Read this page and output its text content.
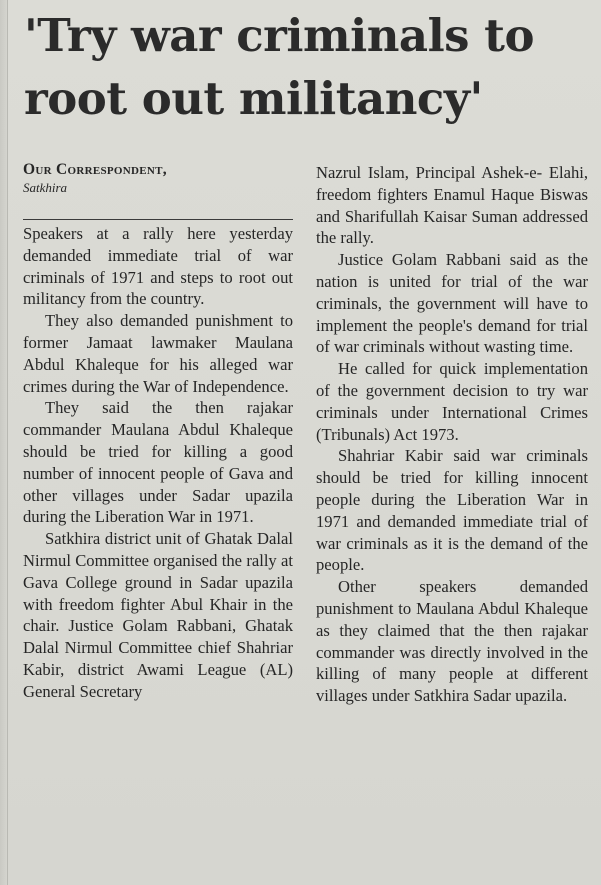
'Try war criminals to
root out militancy'

Our Correspondent,

Satkhira

Speakers at a rally here yesterday demanded immediate trial of war criminals of 1971 and steps to root out militancy from the country.

They also demanded punishment to former Jamaat lawmaker Maulana Abdul Khaleque for his alleged war crimes during the War of Independence.

They said the then rajakar commander Maulana Abdul Khaleque should be tried for killing a good number of innocent people of Gava and other villages under Sadar upazila during the Liberation War in 1971.

Satkhira district unit of Ghatak Dalal Nirmul Committee organised the rally at Gava College ground in Sadar upazila with freedom fighter Abul Khair in the chair. Justice Golam Rabbani, Ghatak Dalal Nirmul Committee chief Shahriar Kabir, district Awami League (AL) General Secretary

Nazrul Islam, Principal Ashek-e- Elahi, freedom fighters Enamul Haque Biswas and Sharifullah Kaisar Suman addressed the rally.

Justice Golam Rabbani said as the nation is united for trial of the war criminals, the government will have to implement the people's demand for trial of war criminals without wasting time.

He called for quick implementation of the government decision to try war criminals under International Crimes (Tribunals) Act 1973.

Shahriar Kabir said war criminals should be tried for killing innocent people during the Liberation War in 1971 and demanded immediate trial of war criminals as it is the demand of the people.

Other speakers demanded punishment to Maulana Abdul Khaleque as they claimed that the then rajakar commander was directly involved in the killing of many people at different villages under Satkhira Sadar upazila.
